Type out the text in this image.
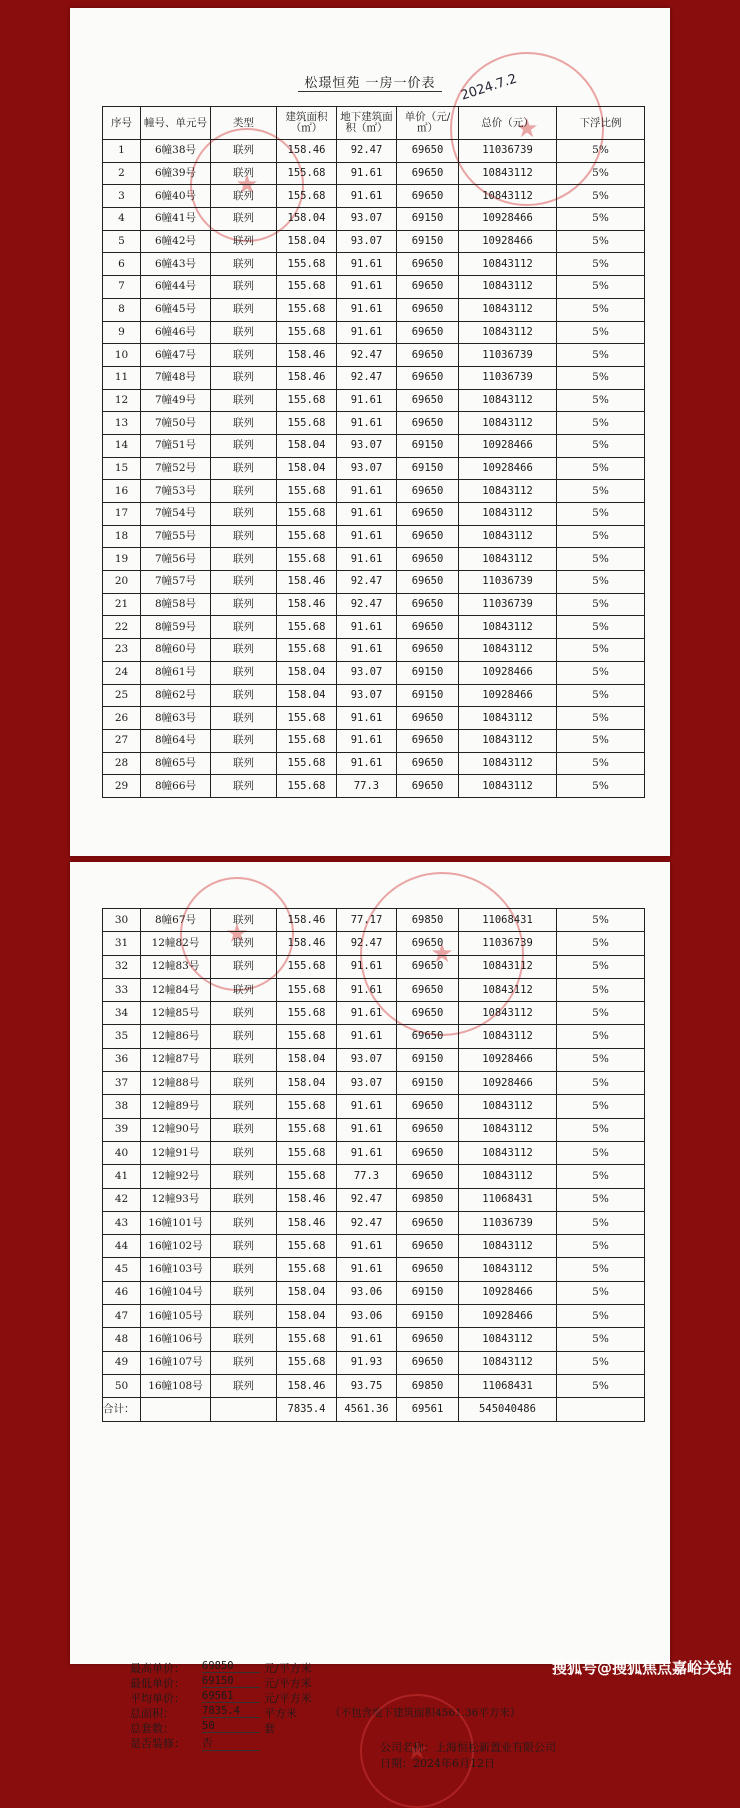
松璟恒苑 一房一价表	2024.7.2
★
★
序号	幢号、单元号	类型	建筑面积（㎡）	地下建筑面积（㎡）	单价（元/㎡）	总价（元）	下浮比例
1	6幢38号	联列	158.46	92.47	69650	11036739	5%
2	6幢39号	联列	155.68	91.61	69650	10843112	5%
3	6幢40号	联列	155.68	91.61	69650	10843112	5%
4	6幢41号	联列	158.04	93.07	69150	10928466	5%
5	6幢42号	联列	158.04	93.07	69150	10928466	5%
6	6幢43号	联列	155.68	91.61	69650	10843112	5%
7	6幢44号	联列	155.68	91.61	69650	10843112	5%
8	6幢45号	联列	155.68	91.61	69650	10843112	5%
9	6幢46号	联列	155.68	91.61	69650	10843112	5%
10	6幢47号	联列	158.46	92.47	69650	11036739	5%
11	7幢48号	联列	158.46	92.47	69650	11036739	5%
12	7幢49号	联列	155.68	91.61	69650	10843112	5%
13	7幢50号	联列	155.68	91.61	69650	10843112	5%
14	7幢51号	联列	158.04	93.07	69150	10928466	5%
15	7幢52号	联列	158.04	93.07	69150	10928466	5%
16	7幢53号	联列	155.68	91.61	69650	10843112	5%
17	7幢54号	联列	155.68	91.61	69650	10843112	5%
18	7幢55号	联列	155.68	91.61	69650	10843112	5%
19	7幢56号	联列	155.68	91.61	69650	10843112	5%
20	7幢57号	联列	158.46	92.47	69650	11036739	5%
21	8幢58号	联列	158.46	92.47	69650	11036739	5%
22	8幢59号	联列	155.68	91.61	69650	10843112	5%
23	8幢60号	联列	155.68	91.61	69650	10843112	5%
24	8幢61号	联列	158.04	93.07	69150	10928466	5%
25	8幢62号	联列	158.04	93.07	69150	10928466	5%
26	8幢63号	联列	155.68	91.61	69650	10843112	5%
27	8幢64号	联列	155.68	91.61	69650	10843112	5%
28	8幢65号	联列	155.68	91.61	69650	10843112	5%
29	8幢66号	联列	155.68	77.3	69650	10843112	5%
★
★
30	8幢67号	联列	158.46	77.17	69850	11068431	5%
31	12幢82号	联列	158.46	92.47	69650	11036739	5%
32	12幢83号	联列	155.68	91.61	69650	10843112	5%
33	12幢84号	联列	155.68	91.61	69650	10843112	5%
34	12幢85号	联列	155.68	91.61	69650	10843112	5%
35	12幢86号	联列	155.68	91.61	69650	10843112	5%
36	12幢87号	联列	158.04	93.07	69150	10928466	5%
37	12幢88号	联列	158.04	93.07	69150	10928466	5%
38	12幢89号	联列	155.68	91.61	69650	10843112	5%
39	12幢90号	联列	155.68	91.61	69650	10843112	5%
40	12幢91号	联列	155.68	91.61	69650	10843112	5%
41	12幢92号	联列	155.68	77.3	69650	10843112	5%
42	12幢93号	联列	158.46	92.47	69850	11068431	5%
43	16幢101号	联列	158.46	92.47	69650	11036739	5%
44	16幢102号	联列	155.68	91.61	69650	10843112	5%
45	16幢103号	联列	155.68	91.61	69650	10843112	5%
46	16幢104号	联列	158.04	93.06	69150	10928466	5%
47	16幢105号	联列	158.04	93.06	69150	10928466	5%
48	16幢106号	联列	155.68	91.61	69650	10843112	5%
49	16幢107号	联列	155.68	91.93	69650	10843112	5%
50	16幢108号	联列	158.46	93.75	69850	11068431	5%
合计：			7835.4	4561.36	69561	545040486	
最高单价：	69850	元/平方米
最低单价：	69150	元/平方米
平均单价：	69561	元/平方米
总面积：	7835.4	平方米	（不包含地下建筑面积4561.36平方米）
总套数：	50	套
是否装修：	否 ★	公司名称：上海恒松新置业有限公司
日期：2024年6月12日
搜狐号@搜狐焦点嘉峪关站
